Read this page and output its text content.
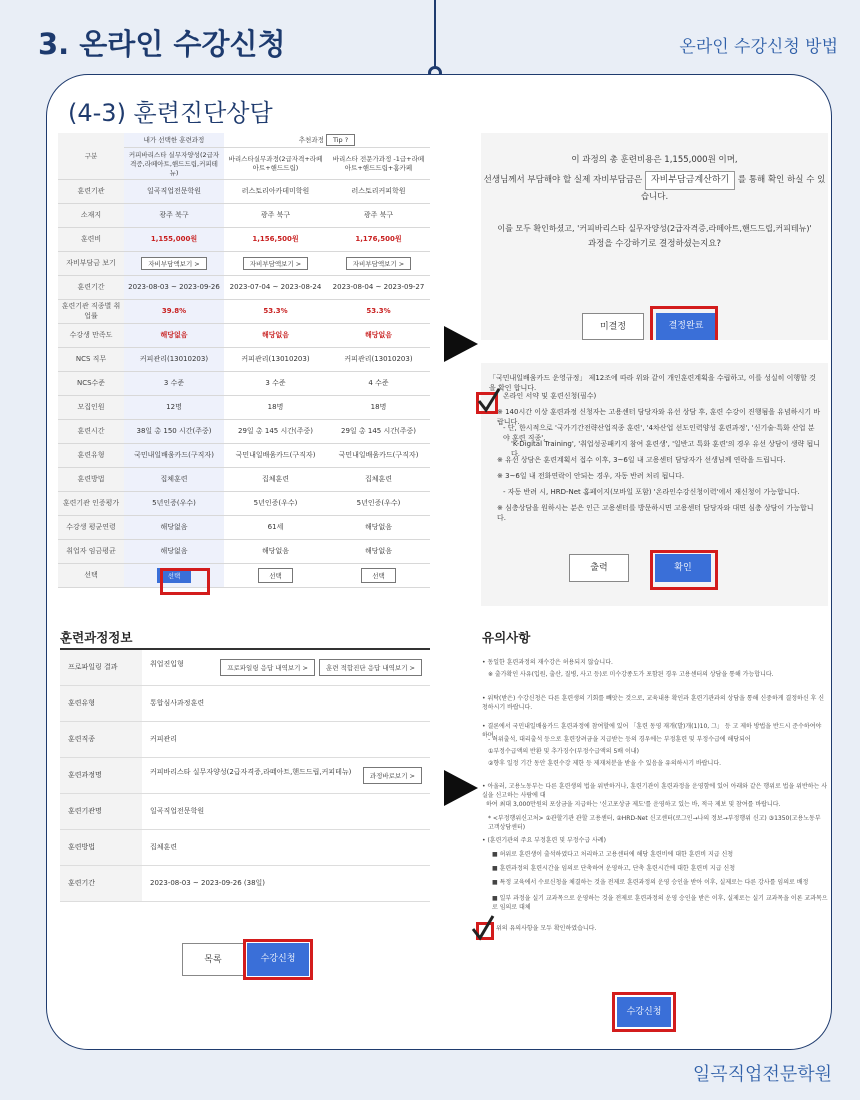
3. 온라인 수강신청	온라인 수강신청 방법
(4-3) 훈련진단상담
구분	내가 선택한 훈련과정	추천과정 Tip ?	
	커피바리스타 실무자양성(2급자격증,라떼아트,핸드드립,커피테뉴)	바리스타실무과정(2급자격+라떼아트+핸드드립)	바리스타 전문가과정 -1급+라떼아트+핸드드립+홈카페
훈련기관	일곡직업전문학원	러스토리아카데미학원	러스토리커피학원
소재지	광주 북구	광주 북구	광주 북구
훈련비	1,155,000원	1,156,500원	1,176,500원
자비부담금 보기	자비부담액보기 >	자비부담액보기 >	자비부담액보기 >
훈련기간	2023-08-03 ~ 2023-09-26	2023-07-04 ~ 2023-08-24	2023-08-04 ~ 2023-09-27
훈련기관 직종별 취업률	39.8%	53.3%	53.3%
수강생 만족도	해당없음	해당없음	해당없음
NCS 직무	커피관리(13010203)	커피관리(13010203)	커피관리(13010203)
NCS수준	3 수준	3 수준	4 수준
모집인원	12명	18명	18명
훈련시간	38일 총 150 시간(주중)	29일 총 145 시간(주중)	29일 총 145 시간(주중)
훈련유형	국민내일배움카드(구직자)	국민내일배움카드(구직자)	국민내일배움카드(구직자)
훈련방법	집체훈련	집체훈련	집체훈련
훈련기관 인증평가	5년인증(우수)	5년인증(우수)	5년인증(우수)
수강생 평균연령	해당없음	61세	해당없음
취업자 임금평균	해당없음	해당없음	해당없음
선택	선택	선택	선택
이 과정의 총 훈련비용은 1,155,000원 이며,
선생님께서 부담해야 할 실제 자비부담금은 자비부담금계산하기 를 통해 확인 하실 수 있습니다.
이를 모두 확인하셨고, '커피바리스타 실무자양성(2급자격증,라떼아트,핸드드립,커피테뉴)'
과정을 수강하기로 결정하셨는지요?
미결정	결정완료

「국민내일배움카드 운영규정」 제12조에 따라 위와 같이 개인훈련계획을 수립하고, 이를 성실히 이행할 것을 확인 합니다.

온라인 서약 및 훈련신청(필수)

※ 140시간 이상 훈련과정 신청자는 고용센터 담당자와 유선 상담 후, 훈련 수강이 진행됨을 유념하시기 바랍니다.

- 단, 한시적으로 '국가기간전략산업직종 훈련', '4차산업 선도인력양성 훈련과정', '신기술·특화 산업 분야 훈련 직종',

'K-Digital Training', '취업성공패키지 참여 훈련생', '일반고 특화 훈련'의 경우 유선 상담이 생략 됩니다.

※ 유선 상담은 훈련계획서 접수 이후, 3~6일 내 고용센터 담당자가 선생님께 연락을 드립니다.

※ 3~6일 내 전화연락이 안되는 경우, 자동 반려 처리 됩니다.

- 자동 반려 시, HRD-Net 홈페이지(모바일 포함) '온라인수강신청이력'에서 재신청이 가능합니다.

※ 심층상담을 원하시는 분은 인근 고용센터를 방문하시면 고용센터 담당자와 대면 심층 상담이 가능합니다.

출력	확인
훈련과정정보
프로파일링 결과	취업진입형 프로파일링 응답 내역보기 > 훈련 적합진단 응답 내역보기 >

훈련유형	통합심사과정훈련
훈련직종	커피관리
훈련과정명	커피바리스타 실무자양성(2급자격증,라떼아트,핸드드립,커피테뉴) 과정바로보기 >

훈련기관명	일곡직업전문학원
훈련방법	집체훈련
훈련기간	2023-08-03 ~ 2023-09-26 (38일)
목록	수강신청
유의사항

• 동일한 훈련과정의 재수강은 허용되지 않습니다.

※ 출가확인 사유(입원, 출산, 질병, 사고 등)로 미수강종도가 포함된 경우 고용센터의 상담을 통해 가능합니다.

• 위탁(받은) 수강신청은 다른 훈련생의 기회를 빼앗는 것으로, 교육내용 확인과 훈련기관과의 상담을 통해 신중하게 결정하신 후 신청하시기 바랍니다.

• 결론에서 국민내일배움카드 훈련과정에 참여할에 있어 「훈련 동영 재개(발)개(1)10, 그」 등 고 제하 방법을 반드시 준수하여야 하며,

- 허위출석, 대리출석 등으로 훈련장려금을 지급받는 등의 경우에는 부정훈련 및 부정수급에 해당되어

①부정수급액의 반환 및 추가징수(부정수급액의 5배 이내)

②향후 일정 기간 동안 훈련수강 제한 등 제재처분을 받을 수 있음을 유의하시기 바랍니다.

• 아울러, 고용노동부는 다른 훈련생의 법을 위반하거나, 훈련기관이 훈련과정을 운영함에 있어 아래와 같은 행위로 법을 위반하는 사실을 신고하는 사람에 대

하여 최대 3,000만원의 포상금을 지급하는 '신고포상금 제도'를 운영하고 있는 바, 적극 제보 및 참여를 바랍니다.

* <부정행위신고처> ①관할기관 관할 고용센터, ②HRD-Net 신고센터(로그인→나의 정보→부정행위 신고) ③1350(고용노동부 고객상담센터)

• (훈련기관의 주요 부정훈련 및 부정수급 사례)

■ 허위로 훈련생이 출석하였다고 처리하고 고용센터에 해당 훈련비에 대한 훈련비 지급 신청

■ 훈련과정의 훈련시간을 임의로 단축하여 운영하고, 단축 훈련시간에 대한 훈련비 지급 신청

■ 특정 교육에서 수료신청을 체결하는 것을 전제로 훈련과정의 운영 승인을 받아 이후, 실제로는 다른 강사를 임의로 배정

■ 일부 과정을 실기 교과목으로 운영하는 것을 전제로 훈련과정의 운영 승인을 받은 이후, 실제로는 실기 교과목을 이론 교과목으로 임의로 대체

위의 유의사항을 모두 확인하였습니다.

수강신청
일곡직업전문학원
